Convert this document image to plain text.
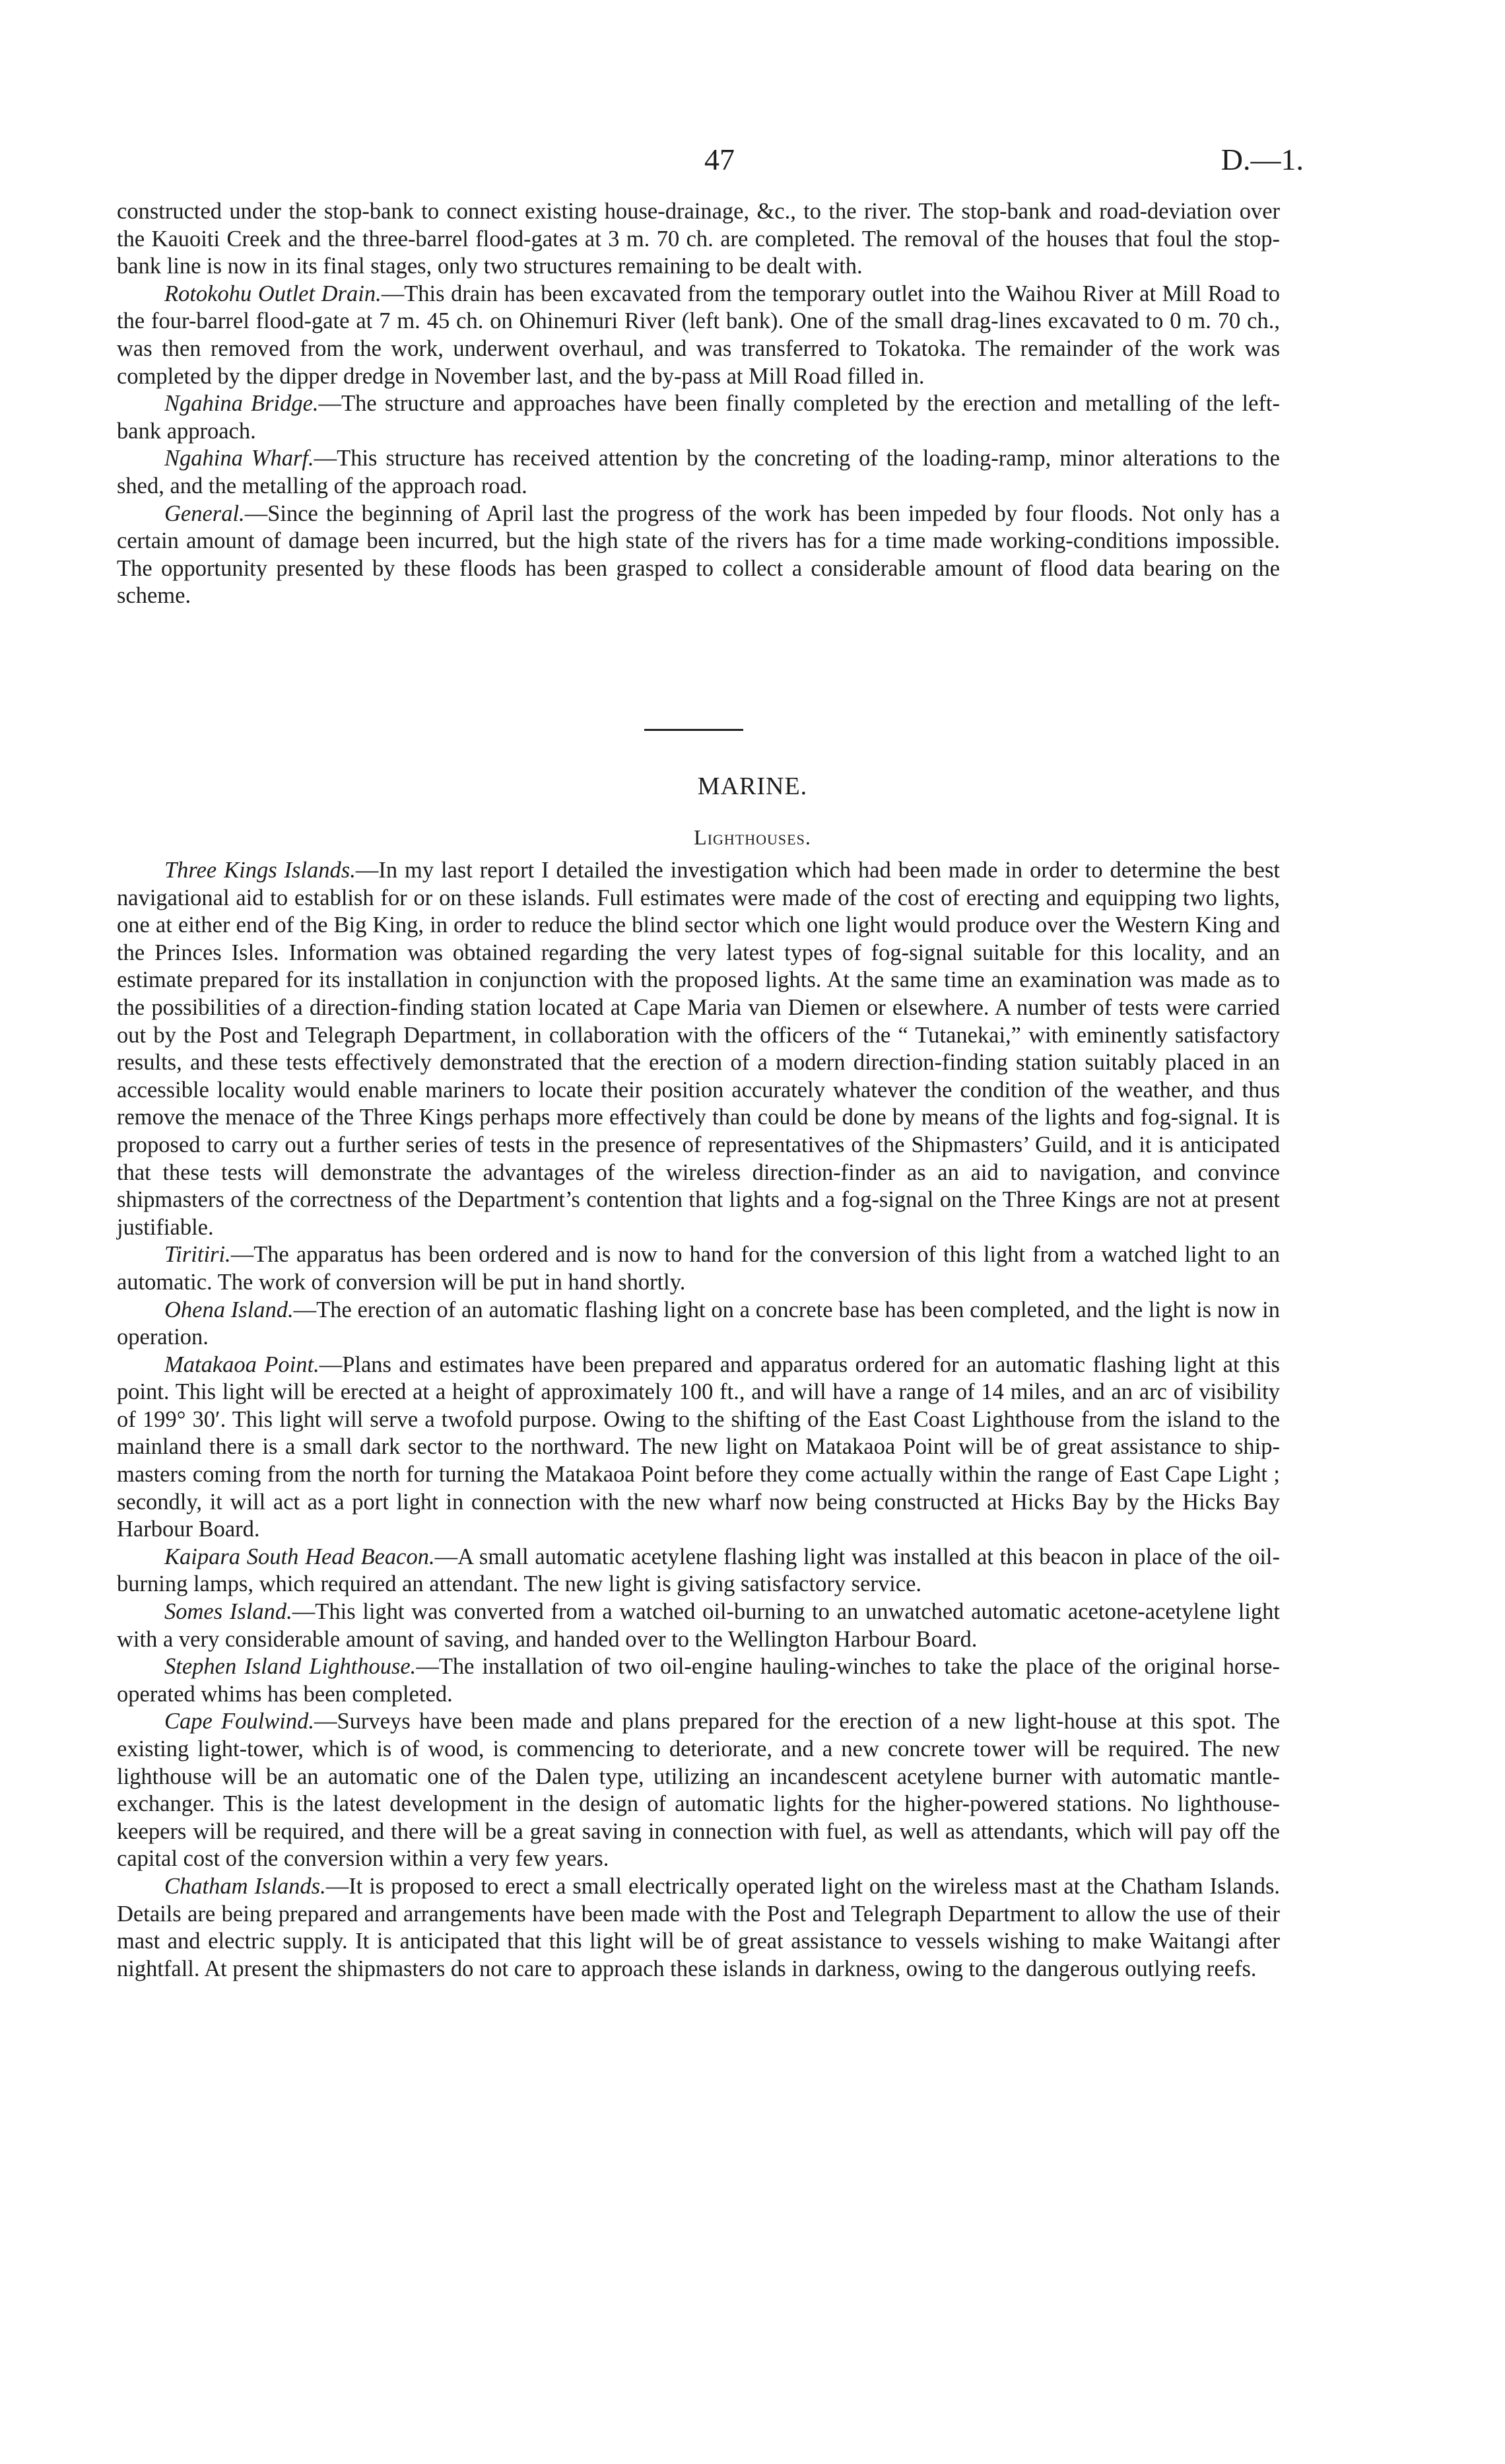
47	D.—1.

constructed under the stop-bank to connect existing house-drainage, &c., to the river. The stop-bank and road-deviation over the Kauoiti Creek and the three-barrel flood-gates at 3 m. 70 ch. are completed. The removal of the houses that foul the stop-bank line is now in its final stages, only two structures remaining to be dealt with.

Rotokohu Outlet Drain.—This drain has been excavated from the temporary outlet into the Waihou River at Mill Road to the four-barrel flood-gate at 7 m. 45 ch. on Ohinemuri River (left bank). One of the small drag-lines excavated to 0 m. 70 ch., was then removed from the work, underwent overhaul, and was transferred to Tokatoka. The remainder of the work was completed by the dipper dredge in November last, and the by-pass at Mill Road filled in.

Ngahina Bridge.—The structure and approaches have been finally completed by the erection and metalling of the left-bank approach.

Ngahina Wharf.—This structure has received attention by the concreting of the loading-ramp, minor alterations to the shed, and the metalling of the approach road.

General.—Since the beginning of April last the progress of the work has been impeded by four floods. Not only has a certain amount of damage been incurred, but the high state of the rivers has for a time made working-conditions impossible. The opportunity presented by these floods has been grasped to collect a considerable amount of flood data bearing on the scheme.

MARINE.
Lighthouses.

Three Kings Islands.—In my last report I detailed the investigation which had been made in order to determine the best navigational aid to establish for or on these islands. Full estimates were made of the cost of erecting and equipping two lights, one at either end of the Big King, in order to reduce the blind sector which one light would produce over the Western King and the Princes Isles. Information was obtained regarding the very latest types of fog-signal suitable for this locality, and an estimate prepared for its installation in conjunction with the proposed lights. At the same time an examination was made as to the possibilities of a direction-finding station located at Cape Maria van Diemen or elsewhere. A number of tests were carried out by the Post and Telegraph Department, in collaboration with the officers of the “ Tutanekai,” with eminently satisfactory results, and these tests effectively demonstrated that the erection of a modern direction-finding station suitably placed in an accessible locality would enable mariners to locate their position accurately whatever the condition of the weather, and thus remove the menace of the Three Kings perhaps more effectively than could be done by means of the lights and fog-signal. It is proposed to carry out a further series of tests in the presence of representatives of the Shipmasters’ Guild, and it is anticipated that these tests will demonstrate the advantages of the wireless direction-finder as an aid to navigation, and convince shipmasters of the correctness of the Department’s contention that lights and a fog-signal on the Three Kings are not at present justifiable.

Tiritiri.—The apparatus has been ordered and is now to hand for the conversion of this light from a watched light to an automatic. The work of conversion will be put in hand shortly.

Ohena Island.—The erection of an automatic flashing light on a concrete base has been completed, and the light is now in operation.

Matakaoa Point.—Plans and estimates have been prepared and apparatus ordered for an automatic flashing light at this point. This light will be erected at a height of approximately 100 ft., and will have a range of 14 miles, and an arc of visibility of 199° 30′. This light will serve a twofold purpose. Owing to the shifting of the East Coast Lighthouse from the island to the mainland there is a small dark sector to the northward. The new light on Matakaoa Point will be of great assistance to ship-masters coming from the north for turning the Matakaoa Point before they come actually within the range of East Cape Light ; secondly, it will act as a port light in connection with the new wharf now being constructed at Hicks Bay by the Hicks Bay Harbour Board.

Kaipara South Head Beacon.—A small automatic acetylene flashing light was installed at this beacon in place of the oil-burning lamps, which required an attendant. The new light is giving satisfactory service.

Somes Island.—This light was converted from a watched oil-burning to an unwatched automatic acetone-acetylene light with a very considerable amount of saving, and handed over to the Wellington Harbour Board.

Stephen Island Lighthouse.—The installation of two oil-engine hauling-winches to take the place of the original horse-operated whims has been completed.

Cape Foulwind.—Surveys have been made and plans prepared for the erection of a new light-house at this spot. The existing light-tower, which is of wood, is commencing to deteriorate, and a new concrete tower will be required. The new lighthouse will be an automatic one of the Dalen type, utilizing an incandescent acetylene burner with automatic mantle-exchanger. This is the latest development in the design of automatic lights for the higher-powered stations. No lighthouse-keepers will be required, and there will be a great saving in connection with fuel, as well as attendants, which will pay off the capital cost of the conversion within a very few years.

Chatham Islands.—It is proposed to erect a small electrically operated light on the wireless mast at the Chatham Islands. Details are being prepared and arrangements have been made with the Post and Telegraph Department to allow the use of their mast and electric supply. It is anticipated that this light will be of great assistance to vessels wishing to make Waitangi after nightfall. At present the shipmasters do not care to approach these islands in darkness, owing to the dangerous outlying reefs.
